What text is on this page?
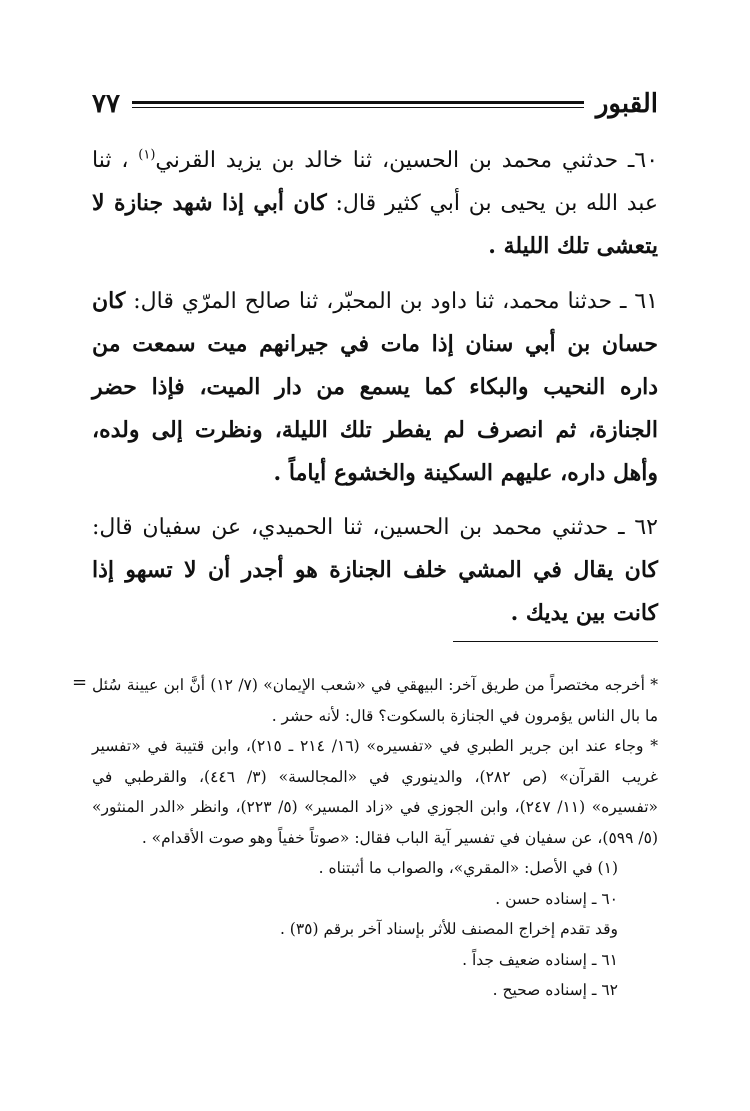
القبور
٧٧

٦٠ـ حدثني محمد بن الحسين، ثنا خالد بن يزيد القرني$^{(١)}$ ، ثنا عبد الله بن يحيى بن أبي كثير قال: كان أبي إذا شهد جنازة لا يتعشى تلك الليلة .

٦١ ـ حدثنا محمد، ثنا داود بن المحبّر، ثنا صالح المرّي قال: كان حسان بن أبي سنان إذا مات في جيرانهم ميت سمعت من داره النحيب والبكاء كما يسمع من دار الميت، فإذا حضر الجنازة، ثم انصرف لم يفطر تلك الليلة، ونظرت إلى ولده، وأهل داره، عليهم السكينة والخشوع أياماً .

٦٢ ـ حدثني محمد بن الحسين، ثنا الحميدي، عن سفيان قال: كان يقال في المشي خلف الجنازة هو أجدر أن لا تسهو إذا كانت بين يديك .

= * أخرجه مختصراً من طريق آخر: البيهقي في «شعب الإيمان» (٧/ ١٢) أنَّ ابن عيينة سُئل ما بال الناس يؤمرون في الجنازة بالسكوت؟ قال: لأنه حشر .

* وجاء عند ابن جرير الطبري في «تفسيره» (١٦/ ٢١٤ ـ ٢١٥)، وابن قتيبة في «تفسير غريب القرآن» (ص ٢٨٢)، والدينوري في «المجالسة» (٣/ ٤٤٦)، والقرطبي في «تفسيره» (١١/ ٢٤٧)، وابن الجوزي في «زاد المسير» (٥/ ٢٢٣)، وانظر «الدر المنثور» (٥/ ٥٩٩)، عن سفيان في تفسير آية الباب فقال: «صوتاً خفياً وهو صوت الأقدام» .

(١) في الأصل: «المقري»، والصواب ما أثبتناه .

٦٠ ـ إسناده حسن .

وقد تقدم إخراج المصنف للأثر بإسناد آخر برقم (٣٥) .

٦١ ـ إسناده ضعيف جداً .

٦٢ ـ إسناده صحيح .
